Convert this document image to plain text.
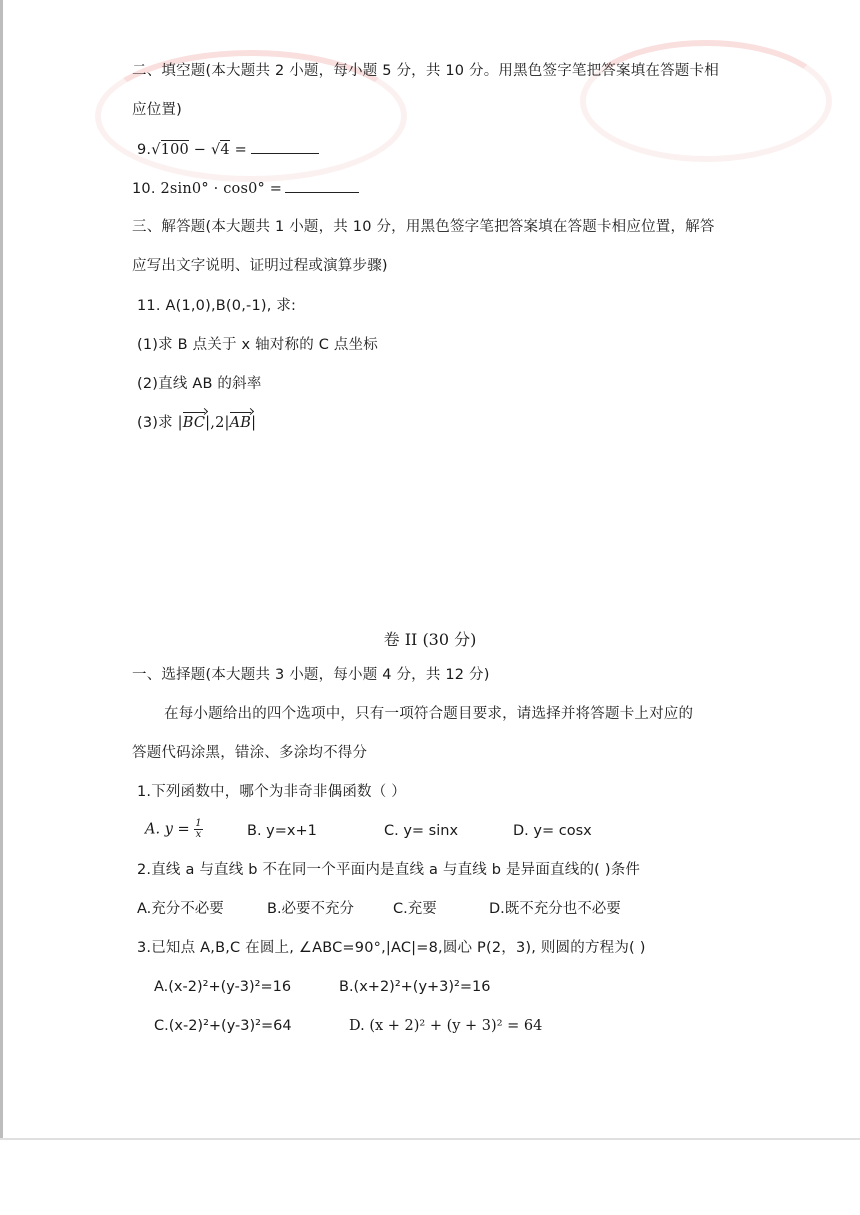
二、填空题(本大题共 2 小题，每小题 5 分，共 10 分。用黑色签字笔把答案填在答题卡相
应位置)
9.√100 − √4 =
10. 2sin0° · cos0° =
三、解答题(本大题共 1 小题，共 10 分，用黑色签字笔把答案填在答题卡相应位置，解答
应写出文字说明、证明过程或演算步骤)
11. A(1,0),B(0,-1), 求:
(1)求 B 点关于 x 轴对称的 C 点坐标
(2)直线 AB 的斜率
(3)求 |BC|,2|AB|
卷 II (30 分)
一、选择题(本大题共 3 小题，每小题 4 分，共 12 分)
在每小题给出的四个选项中，只有一项符合题目要求，请选择并将答题卡上对应的
答题代码涂黑，错涂、多涂均不得分
1.下列函数中，哪个为非奇非偶函数（ ）
A. $y = \frac{1}{x}$	B. y=x+1	C. y= sinx	D. y= cosx
2.直线 a 与直线 b 不在同一个平面内是直线 a 与直线 b 是异面直线的( )条件
A.充分不必要	B.必要不充分	C.充要	D.既不充分也不必要
3.已知点 A,B,C 在圆上, ∠ABC=90°,|AC|=8,圆心 P(2，3), 则圆的方程为( )
A.(x-2)²+(y-3)²=16	B.(x+2)²+(y+3)²=16
C.(x-2)²+(y-3)²=64	D. (x + 2)² + (y + 3)² = 64
